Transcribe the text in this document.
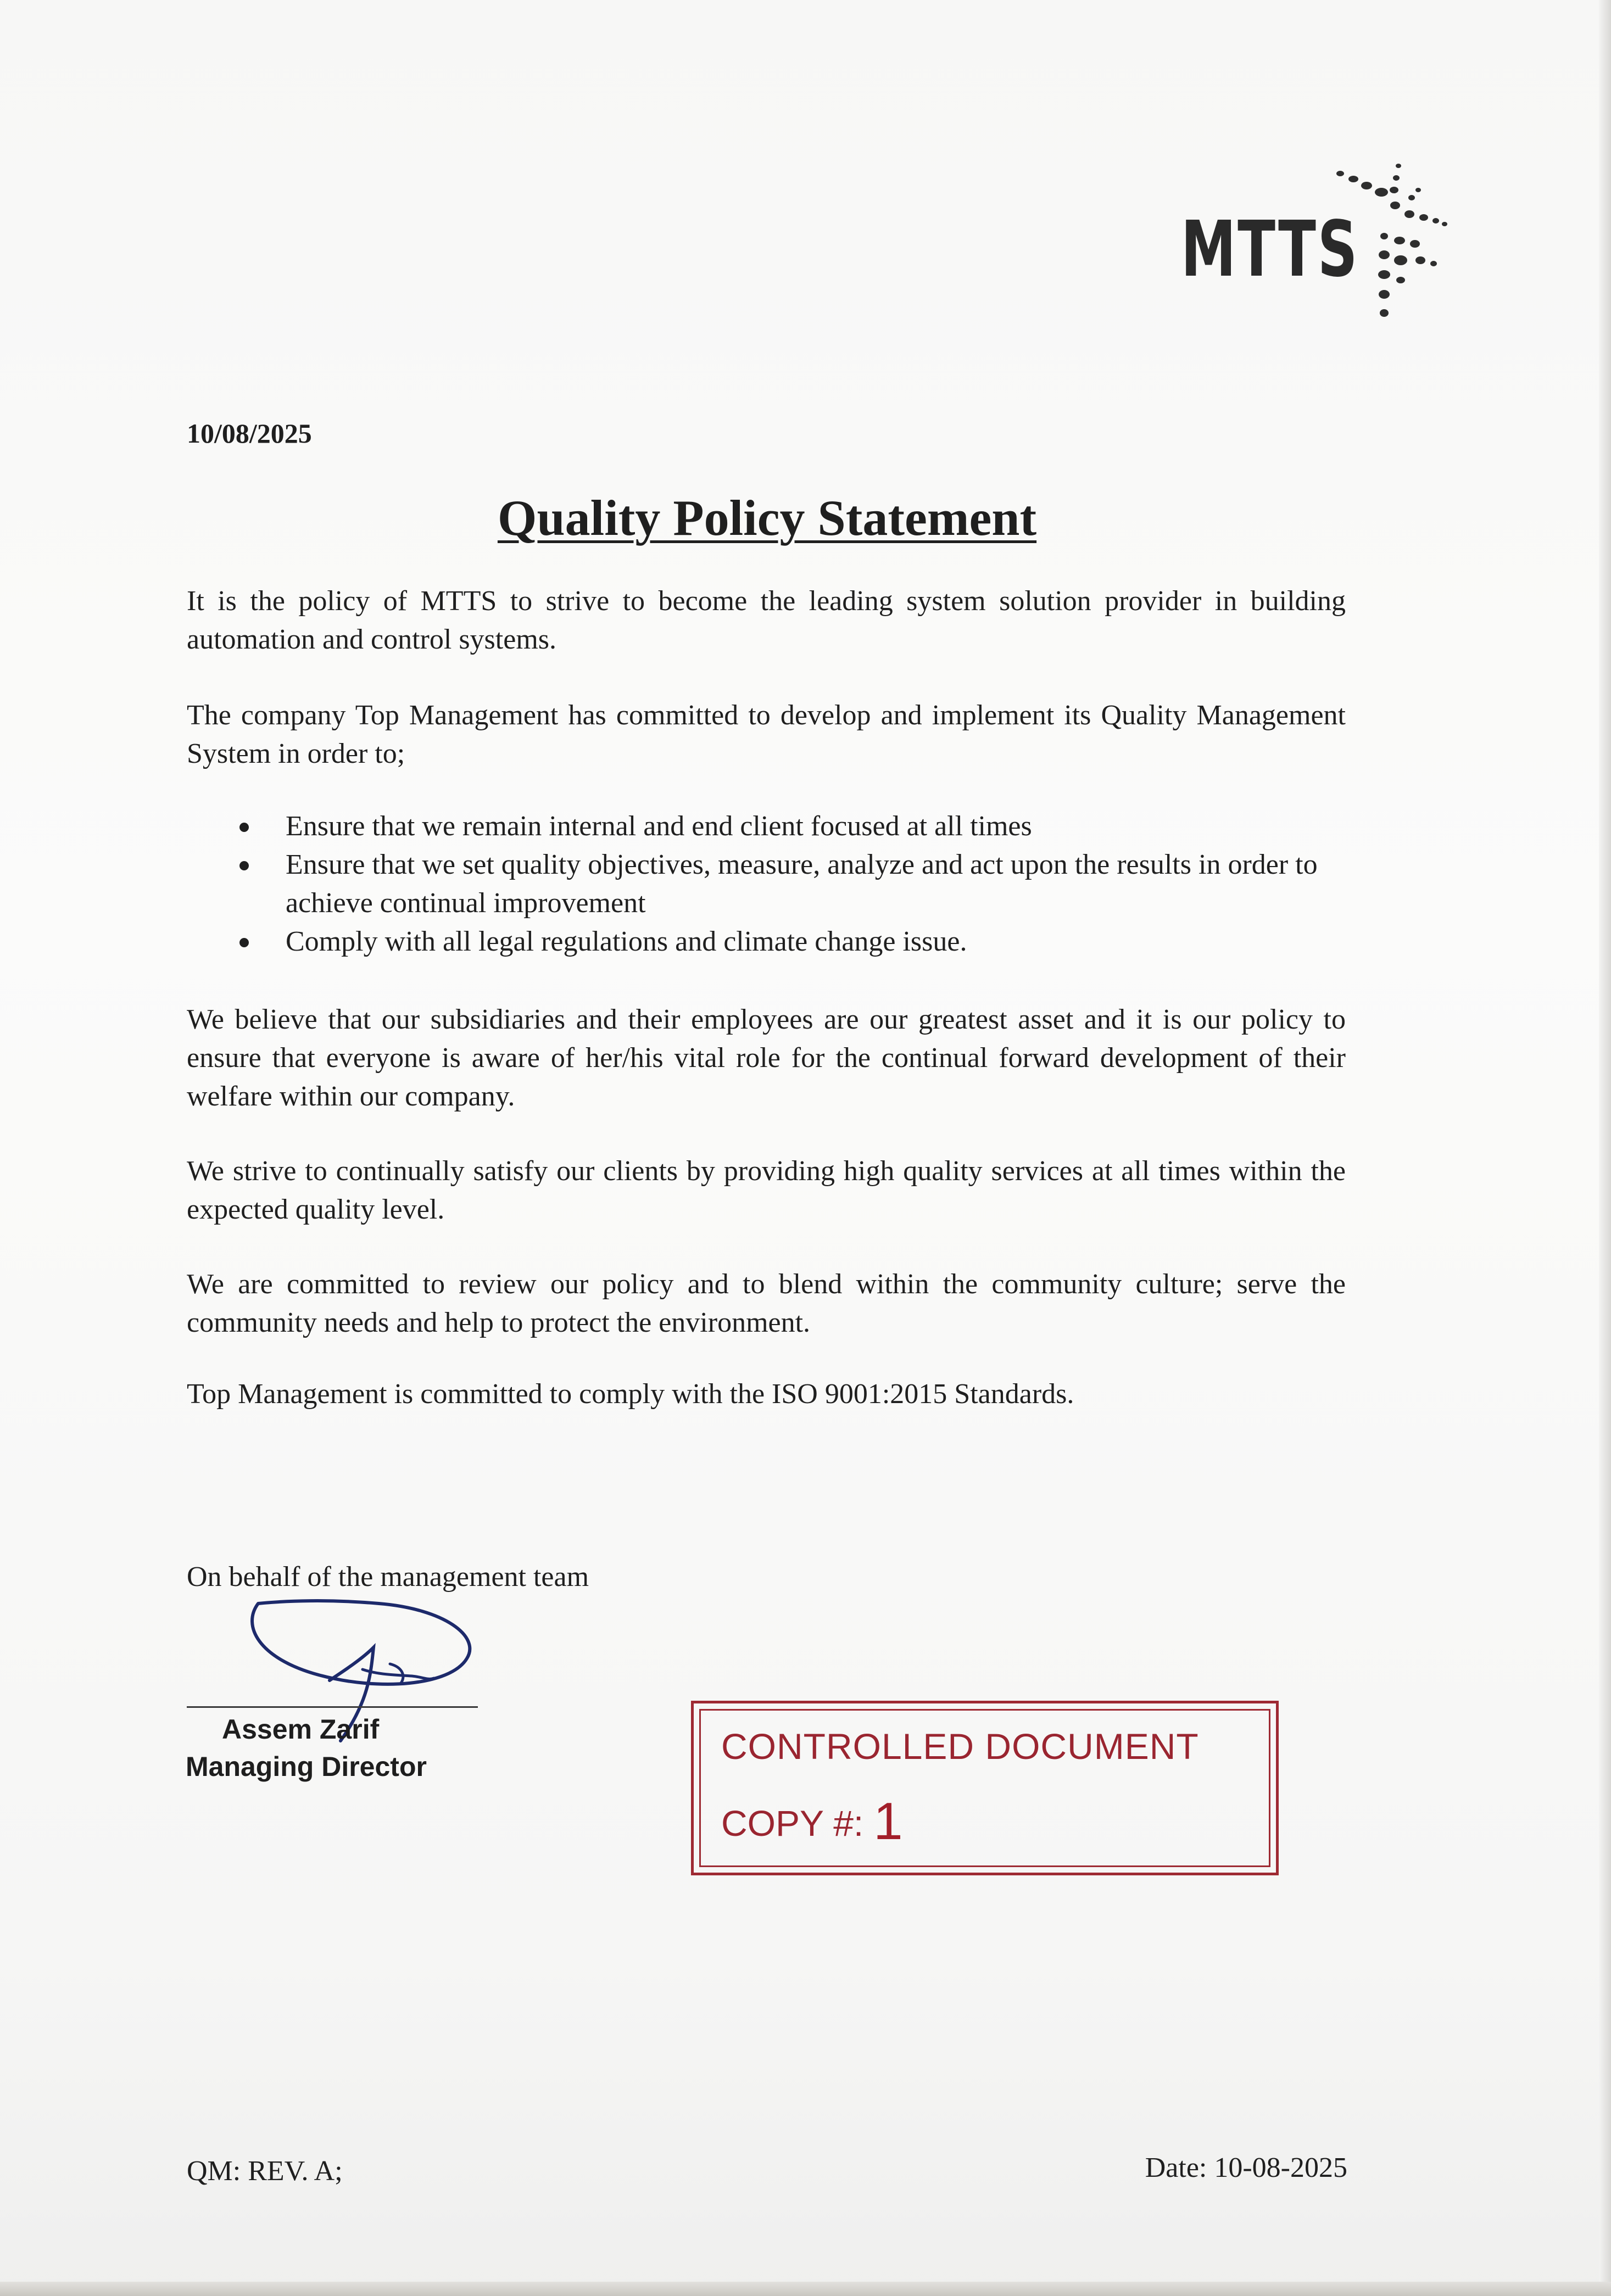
MTTS
10/08/2025
Quality Policy Statement

It is the policy of MTTS to strive to become the leading system solution provider in building automation and control systems.

The company Top Management has committed to develop and implement its Quality Management System in order to;

Ensure that we remain internal and end client focused at all times
Ensure that we set quality objectives, measure, analyze and act upon the results in order to achieve continual improvement
Comply with all legal regulations and climate change issue.

We believe that our subsidiaries and their employees are our greatest asset and it is our policy to ensure that everyone is aware of her/his vital role for the continual forward development of their welfare within our company.

We strive to continually satisfy our clients by providing high quality services at all times within the expected quality level.

We are committed to review our policy and to blend within the community culture; serve the community needs and help to protect the environment.

Top Management is committed to comply with the ISO 9001:2015 Standards.

On behalf of the management team
Assem Zarif
Managing Director	CONTROLLED DOCUMENT
COPY #: 1
QM: REV. A;	Date: 10-08-2025
